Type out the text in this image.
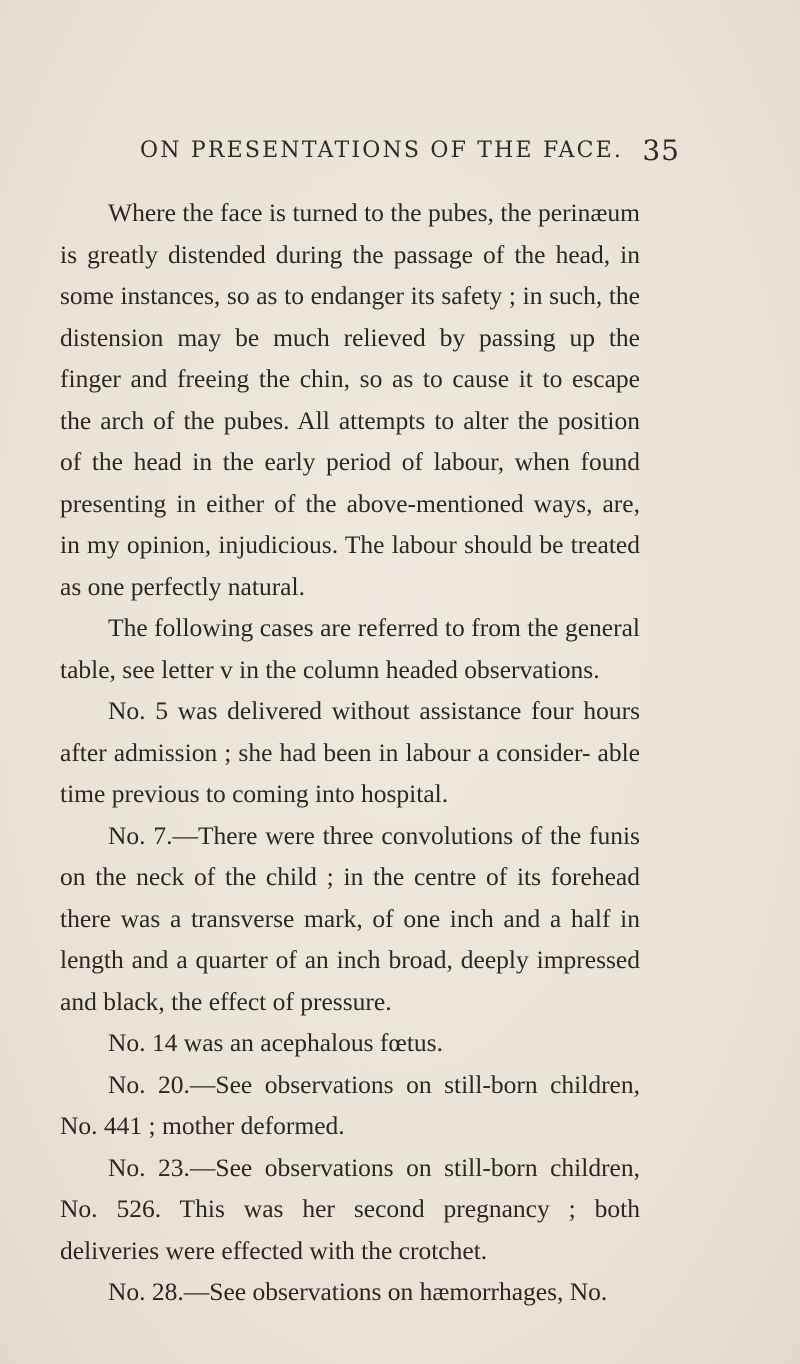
ON PRESENTATIONS OF THE FACE. 35

Where the face is turned to the pubes, the perinæum is greatly distended during the passage of the head, in some instances, so as to endanger its safety ; in such, the distension may be much relieved by passing up the finger and freeing the chin, so as to cause it to escape the arch of the pubes. All attempts to alter the position of the head in the early period of labour, when found presenting in either of the above-mentioned ways, are, in my opinion, injudicious. The labour should be treated as one perfectly natural.

The following cases are referred to from the general table, see letter v in the column headed observations.

No. 5 was delivered without assistance four hours after admission ; she had been in labour a consider- able time previous to coming into hospital.

No. 7.—There were three convolutions of the funis on the neck of the child ; in the centre of its forehead there was a transverse mark, of one inch and a half in length and a quarter of an inch broad, deeply impressed and black, the effect of pressure.

No. 14 was an acephalous fœtus.

No. 20.—See observations on still-born children, No. 441 ; mother deformed.

No. 23.—See observations on still-born children, No. 526. This was her second pregnancy ; both deliveries were effected with the crotchet.

No. 28.—See observations on hæmorrhages, No.
